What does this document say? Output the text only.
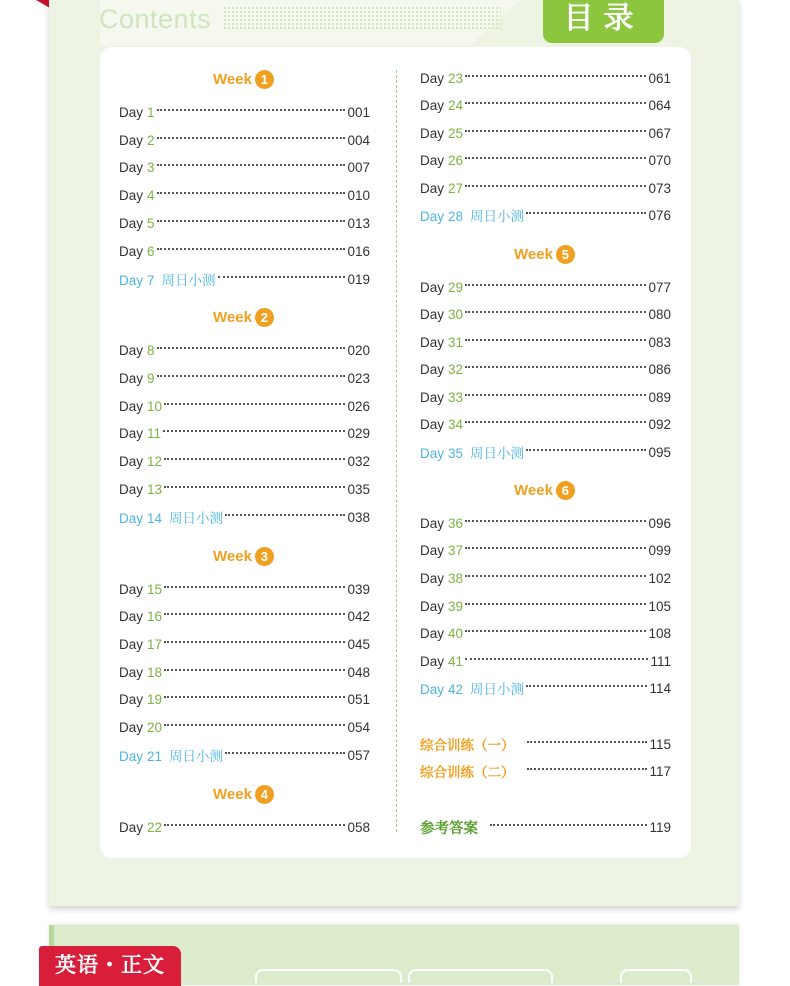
Contents	目录
Week 1
Day 1	001
Day 2	004
Day 3	007
Day 4	010
Day 5	013
Day 6	016
Day 7 周日小测	019
Week 2
Day 8	020
Day 9	023
Day 10	026
Day 11	029
Day 12	032
Day 13	035
Day 14 周日小测	038
Week 3
Day 15	039
Day 16	042
Day 17	045
Day 18	048
Day 19	051
Day 20	054
Day 21 周日小测	057
Week 4
Day 22	058
Day 23	061
Day 24	064
Day 25	067
Day 26	070
Day 27	073
Day 28 周日小测	076
Week 5
Day 29	077
Day 30	080
Day 31	083
Day 32	086
Day 33	089
Day 34	092
Day 35 周日小测	095
Week 6
Day 36	096
Day 37	099
Day 38	102
Day 39	105
Day 40	108
Day 41	111
Day 42 周日小测	114
综合训练（一）	115
综合训练（二）	117
参考答案	119
英语・正文
